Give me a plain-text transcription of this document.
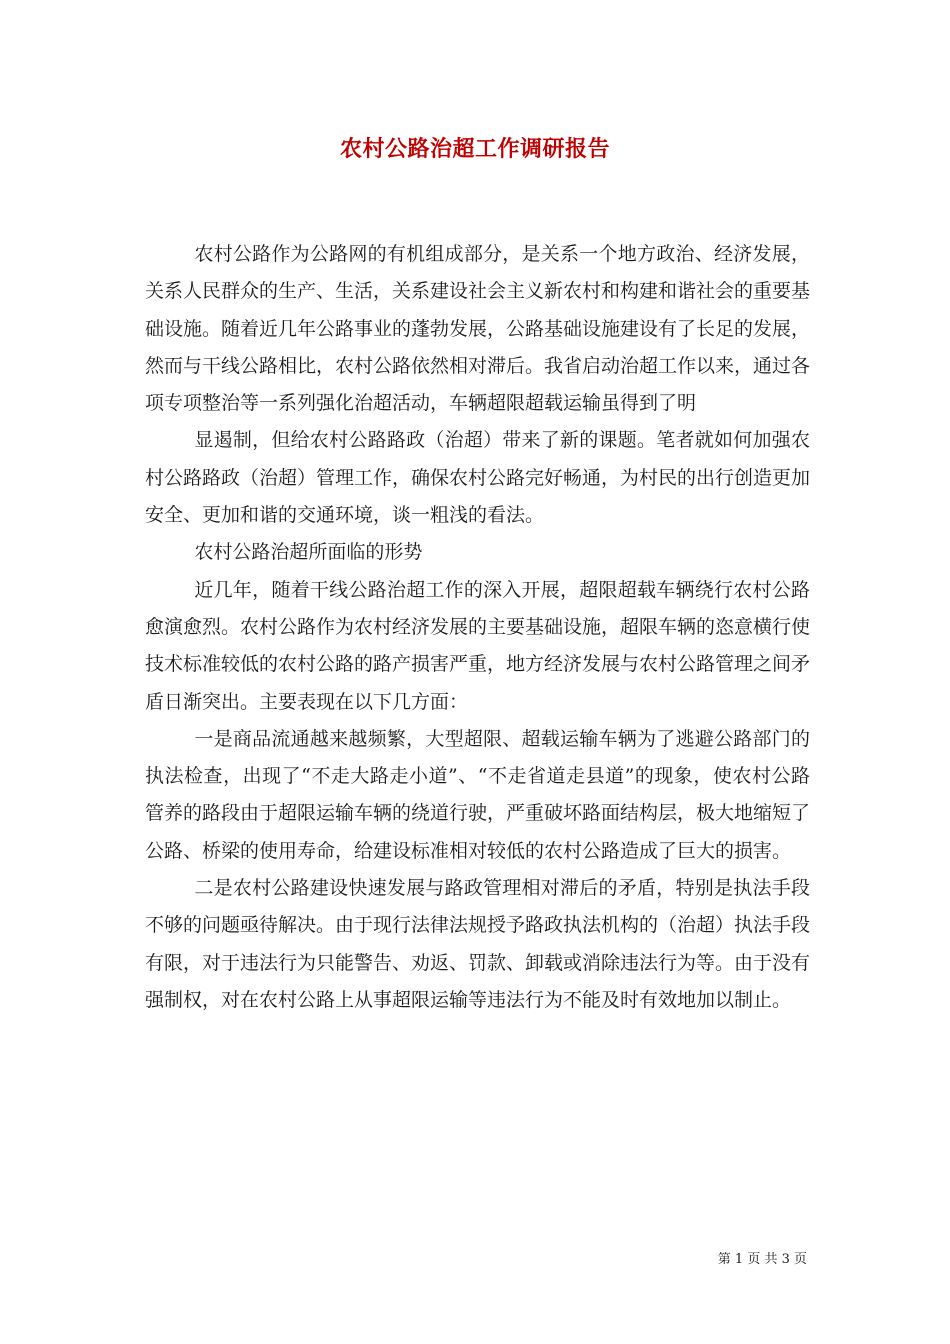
农村公路治超工作调研报告

农村公路作为公路网的有机组成部分，是关系一个地方政治、经济发展，关系人民群众的生产、生活，关系建设社会主义新农村和构建和谐社会的重要基础设施。随着近几年公路事业的蓬勃发展，公路基础设施建设有了长足的发展，然而与干线公路相比，农村公路依然相对滞后。我省启动治超工作以来，通过各项专项整治等一系列强化治超活动，车辆超限超载运输虽得到了明

显遏制，但给农村公路路政（治超）带来了新的课题。笔者就如何加强农村公路路政（治超）管理工作，确保农村公路完好畅通，为村民的出行创造更加安全、更加和谐的交通环境，谈一粗浅的看法。

农村公路治超所面临的形势

近几年，随着干线公路治超工作的深入开展，超限超载车辆绕行农村公路愈演愈烈。农村公路作为农村经济发展的主要基础设施，超限车辆的恣意横行使技术标准较低的农村公路的路产损害严重，地方经济发展与农村公路管理之间矛盾日渐突出。主要表现在以下几方面：

一是商品流通越来越频繁，大型超限、超载运输车辆为了逃避公路部门的执法检查，出现了“不走大路走小道”、“不走省道走县道”的现象，使农村公路管养的路段由于超限运输车辆的绕道行驶，严重破坏路面结构层，极大地缩短了公路、桥梁的使用寿命，给建设标准相对较低的农村公路造成了巨大的损害。

二是农村公路建设快速发展与路政管理相对滞后的矛盾，特别是执法手段不够的问题亟待解决。由于现行法律法规授予路政执法机构的（治超）执法手段有限，对于违法行为只能警告、劝返、罚款、卸载或消除违法行为等。由于没有强制权，对在农村公路上从事超限运输等违法行为不能及时有效地加以制止。

第 1 页 共 3 页
